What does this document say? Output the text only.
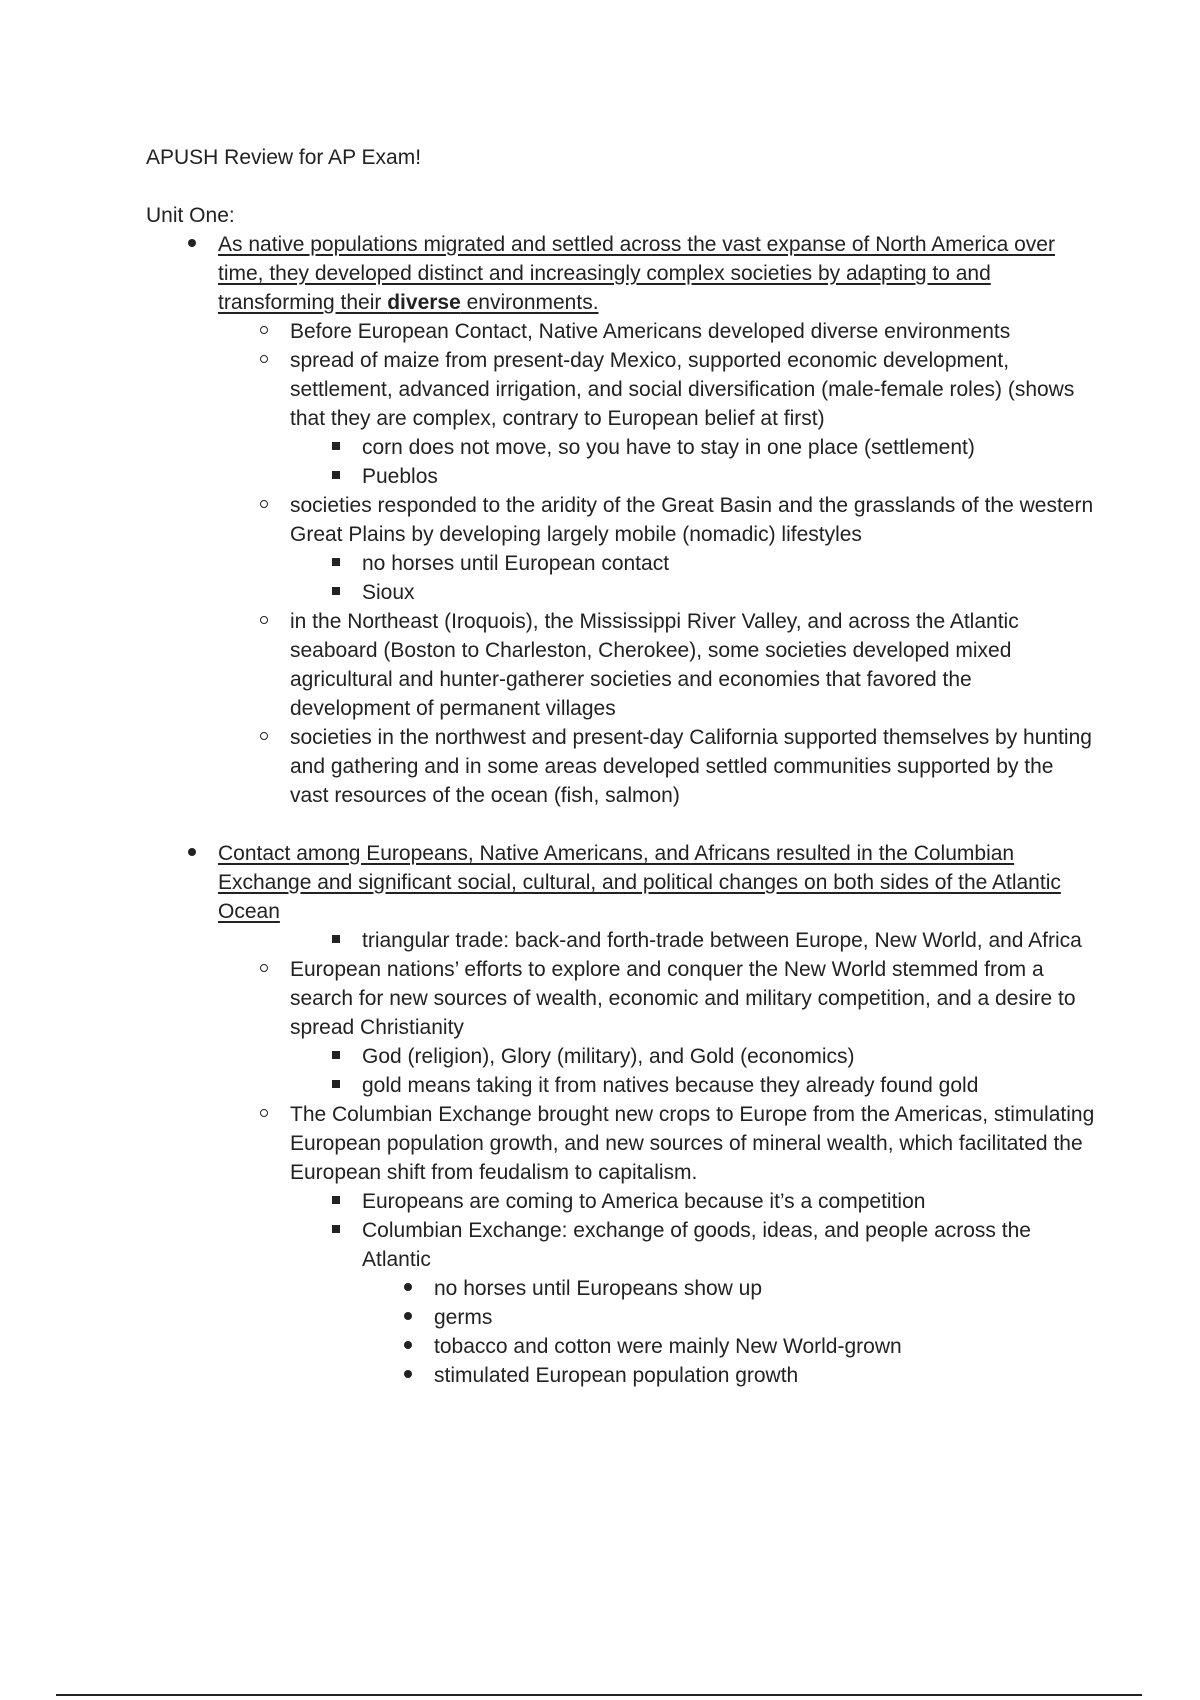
APUSH Review for AP Exam!

Unit One:

As native populations migrated and settled across the vast expanse of North America over time, they developed distinct and increasingly complex societies by adapting to and transforming their diverse environments.
Before European Contact, Native Americans developed diverse environments
spread of maize from present-day Mexico, supported economic development, settlement, advanced irrigation, and social diversification (male-female roles) (shows that they are complex, contrary to European belief at first)
corn does not move, so you have to stay in one place (settlement)
Pueblos
societies responded to the aridity of the Great Basin and the grasslands of the western Great Plains by developing largely mobile (nomadic) lifestyles
no horses until European contact
Sioux
in the Northeast (Iroquois), the Mississippi River Valley, and across the Atlantic seaboard (Boston to Charleston, Cherokee), some societies developed mixed agricultural and hunter-gatherer societies and economies that favored the development of permanent villages
societies in the northwest and present-day California supported themselves by hunting and gathering and in some areas developed settled communities supported by the vast resources of the ocean (fish, salmon)
Contact among Europeans, Native Americans, and Africans resulted in the Columbian Exchange and significant social, cultural, and political changes on both sides of the Atlantic Ocean
triangular trade: back-and forth-trade between Europe, New World, and Africa
European nations’ efforts to explore and conquer the New World stemmed from a search for new sources of wealth, economic and military competition, and a desire to spread Christianity
God (religion), Glory (military), and Gold (economics)
gold means taking it from natives because they already found gold
The Columbian Exchange brought new crops to Europe from the Americas, stimulating European population growth, and new sources of mineral wealth, which facilitated the European shift from feudalism to capitalism.
Europeans are coming to America because it’s a competition
Columbian Exchange: exchange of goods, ideas, and people across the Atlantic
no horses until Europeans show up
germs
tobacco and cotton were mainly New World-grown
stimulated European population growth
